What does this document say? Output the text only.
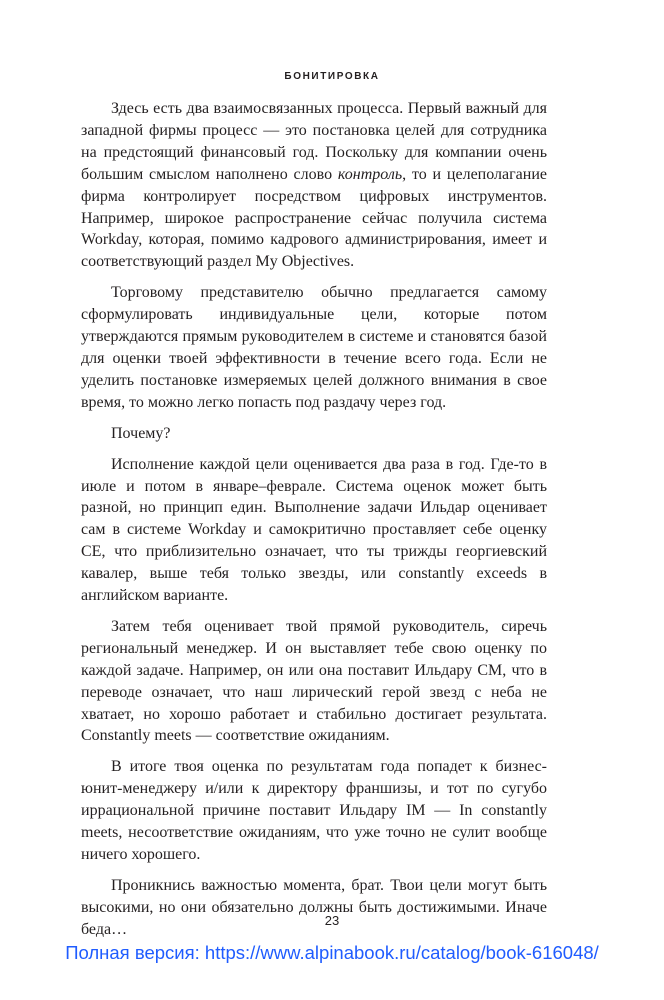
БОНИТИРОВКА

Здесь есть два взаимосвязанных процесса. Первый важный для западной фирмы процесс — это постановка целей для сотрудника на предстоящий финансовый год. Поскольку для компании очень большим смыслом наполнено слово контроль, то и целеполагание фирма контролирует посредством цифровых инструментов. Например, широкое распространение сейчас получила система Workday, которая, помимо кадрового администрирования, имеет и соответствующий раздел My Objectives.

Торговому представителю обычно предлагается самому сформулировать индивидуальные цели, которые потом утверждаются прямым руководителем в системе и становятся базой для оценки твоей эффективности в течение всего года. Если не уделить постановке измеряемых целей должного внимания в свое время, то можно легко попасть под раздачу через год.

Почему?

Исполнение каждой цели оценивается два раза в год. Где-то в июле и потом в январе–феврале. Система оценок может быть разной, но принцип един. Выполнение задачи Ильдар оценивает сам в системе Workday и самокритично проставляет себе оценку CE, что приблизительно означает, что ты трижды георгиевский кавалер, выше тебя только звезды, или constantly exceeds в английском варианте.

Затем тебя оценивает твой прямой руководитель, сиречь региональный менеджер. И он выставляет тебе свою оценку по каждой задаче. Например, он или она поставит Ильдару CM, что в переводе означает, что наш лирический герой звезд с неба не хватает, но хорошо работает и стабильно достигает результата. Constantly meets — соответствие ожиданиям.

В итоге твоя оценка по результатам года попадет к бизнес-юнит-менеджеру и/или к директору франшизы, и тот по сугубо иррациональной причине поставит Ильдару IM — In constantly meets, несоответствие ожиданиям, что уже точно не сулит вообще ничего хорошего.

Проникнись важностью момента, брат. Твои цели могут быть высокими, но они обязательно должны быть достижимыми. Иначе беда…

23
Полная версия: https://www.alpinabook.ru/catalog/book-616048/
